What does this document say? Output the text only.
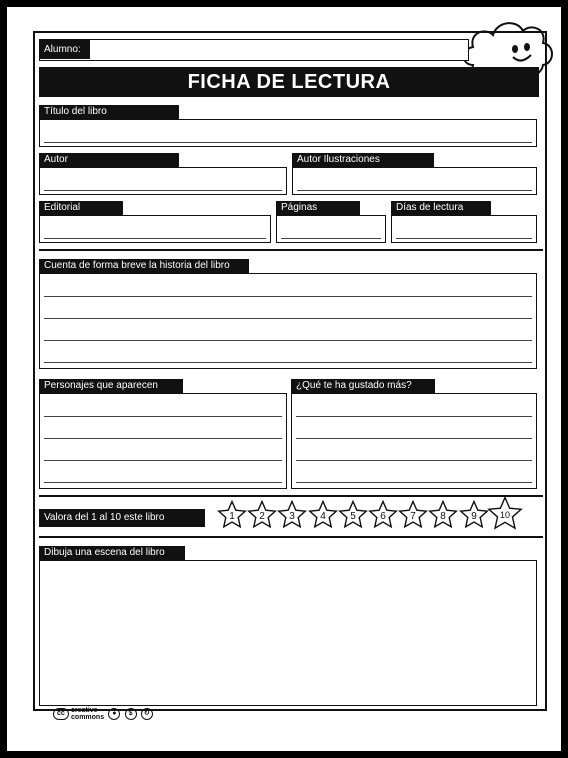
Alumno:
FICHA DE LECTURA
Título del libro
Autor	Autor Ilustraciones
Editorial	Páginas	Días de lectura
Cuenta de forma breve la historia del libro
Personajes que aparecen	¿Qué te ha gustado más?
Valora del 1 al 10 este libro	1 2 3 4 5 6 7 8 9	10
Dibuja una escena del libro
cc creative
commons ● $ ↻
